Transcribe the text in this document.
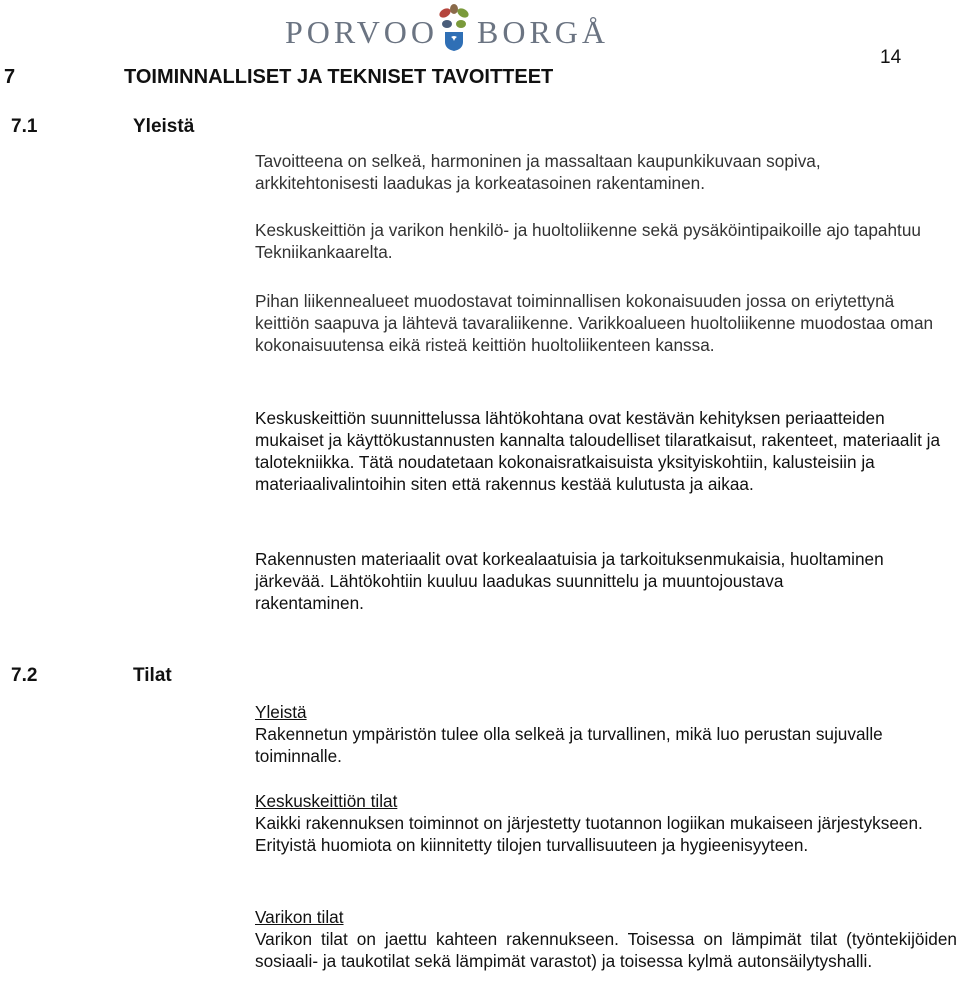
PORVOO BORGÅ
14
7	TOIMINNALLISET JA TEKNISET TAVOITTEET
7.1	Yleistä

Tavoitteena on selkeä, harmoninen ja massaltaan kaupunkikuvaan sopiva, arkkitehtonisesti laadukas ja korkeatasoinen rakentaminen.

Keskuskeittiön ja varikon henkilö- ja huoltoliikenne sekä pysäköintipaikoille ajo tapahtuu Tekniikankaarelta.

Pihan liikennealueet muodostavat toiminnallisen kokonaisuuden jossa on eriytettynä keittiön saapuva ja lähtevä tavaraliikenne. Varikkoalueen huoltoliikenne muodostaa oman kokonaisuutensa eikä risteä keittiön huoltoliikenteen kanssa.

Keskuskeittiön suunnittelussa lähtökohtana ovat kestävän kehityksen periaatteiden mukaiset ja käyttökustannusten kannalta taloudelliset tilaratkaisut, rakenteet, materiaalit ja talotekniikka. Tätä noudatetaan kokonaisratkaisuista yksityiskohtiin, kalusteisiin ja materiaalivalintoihin siten että rakennus kestää kulutusta ja aikaa.

Rakennusten materiaalit ovat korkealaatuisia ja tarkoituksenmukaisia, huoltaminen järkevää. Lähtökohtiin kuuluu laadukas suunnittelu ja muuntojoustava rakentaminen.

7.2	Tilat
Yleistä
Rakennetun ympäristön tulee olla selkeä ja turvallinen, mikä luo perustan sujuvalle toiminnalle.
Keskuskeittiön tilat
Kaikki rakennuksen toiminnot on järjestetty tuotannon logiikan mukaiseen järjestykseen. Erityistä huomiota on kiinnitetty tilojen turvallisuuteen ja hygieenisyyteen.
Varikon tilat
Varikon tilat on jaettu kahteen rakennukseen. Toisessa on lämpimät tilat (työntekijöiden sosiaali- ja taukotilat sekä lämpimät varastot) ja toisessa kylmä autonsäilytyshalli.
